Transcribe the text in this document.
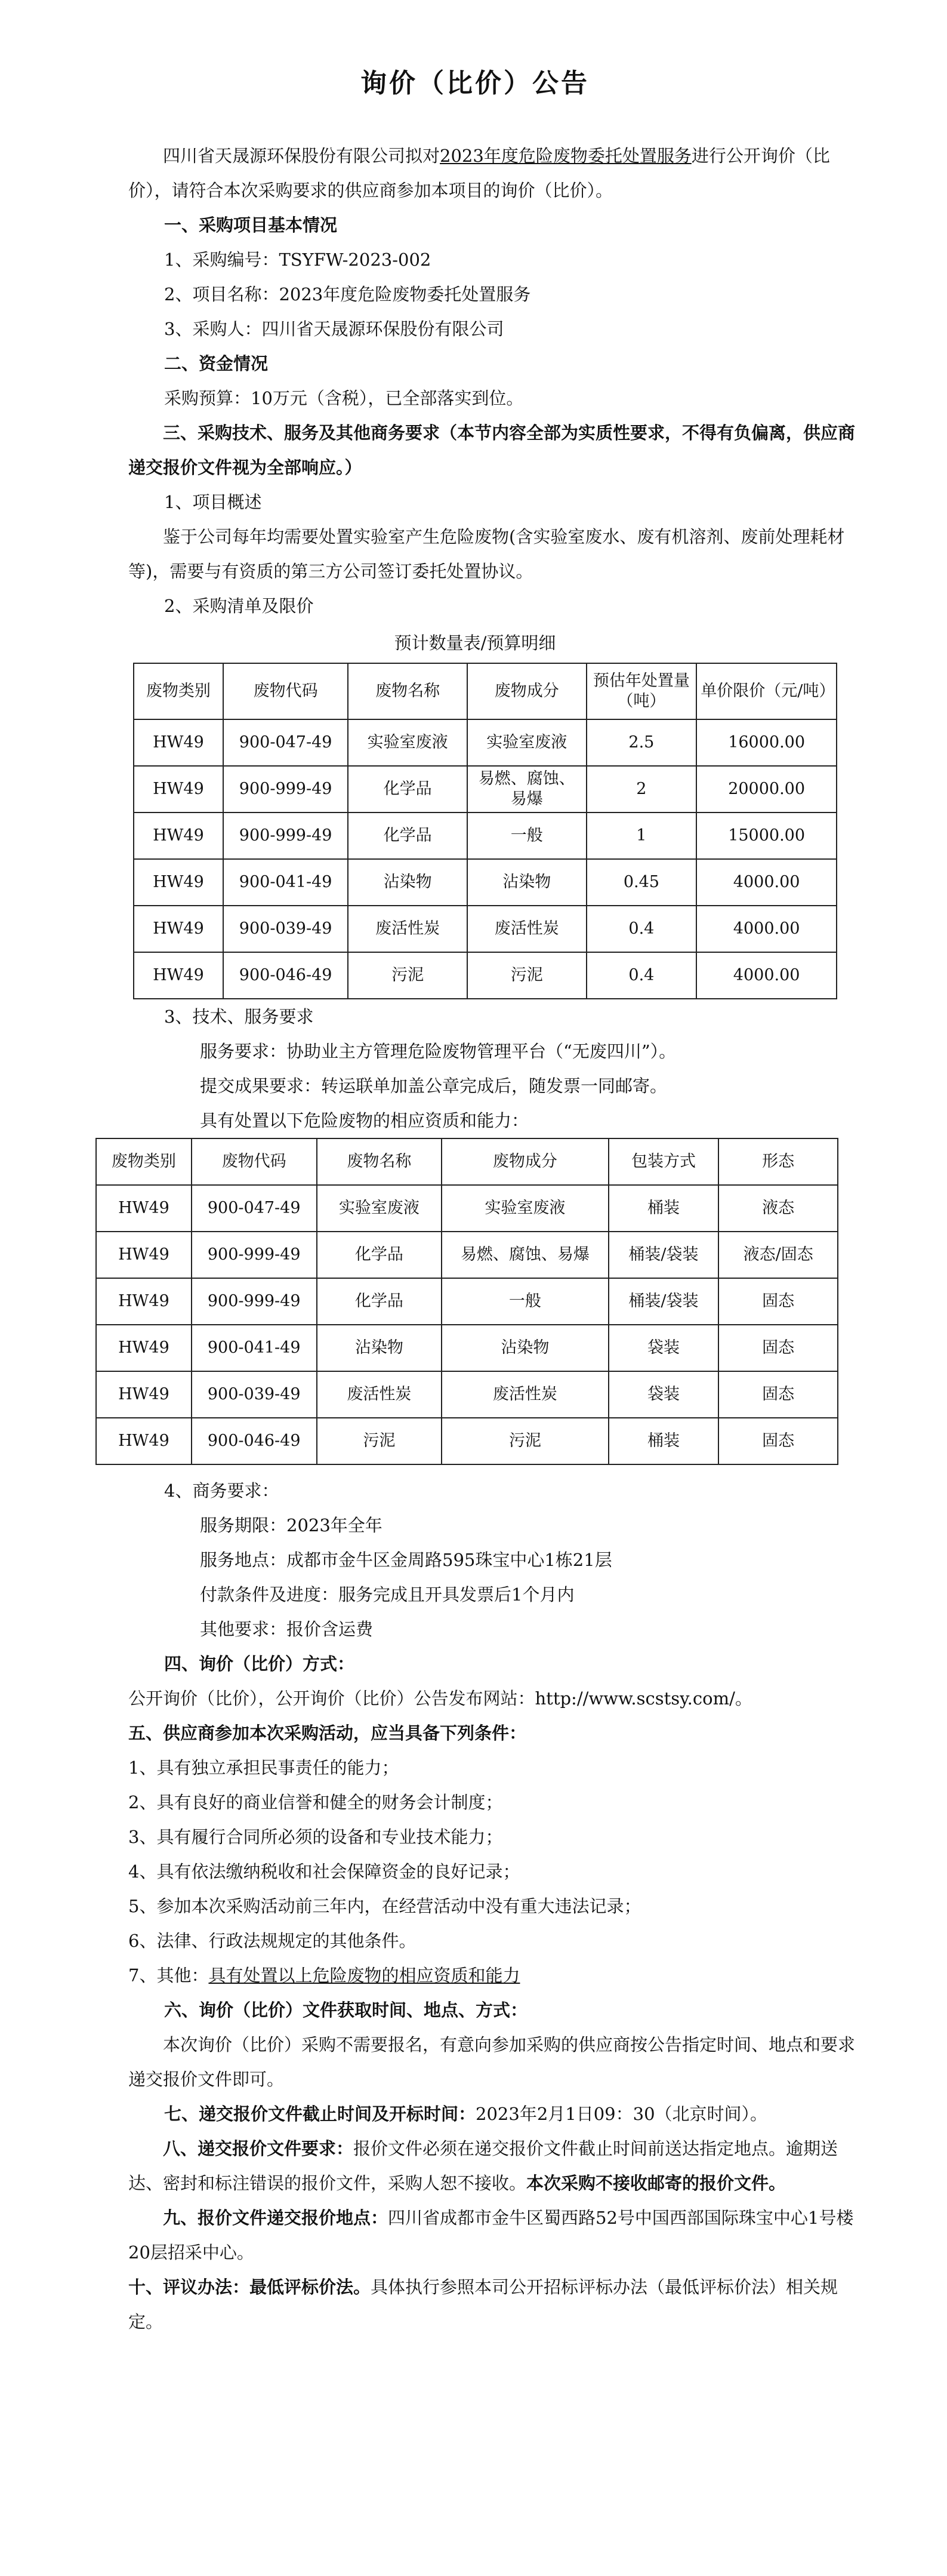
询价（比价）公告

四川省天晟源环保股份有限公司拟对2023年度危险废物委托处置服务进行公开询价（比价），请符合本次采购要求的供应商参加本项目的询价（比价）。

一、采购项目基本情况

1、采购编号：TSYFW-2023-002

2、项目名称：2023年度危险废物委托处置服务

3、采购人：四川省天晟源环保股份有限公司

二、资金情况

采购预算：10万元（含税），已全部落实到位。

三、采购技术、服务及其他商务要求（本节内容全部为实质性要求，不得有负偏离，供应商递交报价文件视为全部响应。）

1、项目概述

鉴于公司每年均需要处置实验室产生危险废物(含实验室废水、废有机溶剂、废前处理耗材等)，需要与有资质的第三方公司签订委托处置协议。

2、采购清单及限价

预计数量表/预算明细

废物类别	废物代码	废物名称	废物成分	预估年处置量（吨）	单价限价（元/吨）
HW49	900-047-49	实验室废液	实验室废液	2.5	16000.00
HW49	900-999-49	化学品	易燃、腐蚀、易爆	2	20000.00
HW49	900-999-49	化学品	一般	1	15000.00
HW49	900-041-49	沾染物	沾染物	0.45	4000.00
HW49	900-039-49	废活性炭	废活性炭	0.4	4000.00
HW49	900-046-49	污泥	污泥	0.4	4000.00

3、技术、服务要求

服务要求：协助业主方管理危险废物管理平台（“无废四川”）。

提交成果要求：转运联单加盖公章完成后，随发票一同邮寄。

具有处置以下危险废物的相应资质和能力：

废物类别	废物代码	废物名称	废物成分	包装方式	形态
HW49	900-047-49	实验室废液	实验室废液	桶装	液态
HW49	900-999-49	化学品	易燃、腐蚀、易爆	桶装/袋装	液态/固态
HW49	900-999-49	化学品	一般	桶装/袋装	固态
HW49	900-041-49	沾染物	沾染物	袋装	固态
HW49	900-039-49	废活性炭	废活性炭	袋装	固态
HW49	900-046-49	污泥	污泥	桶装	固态

4、商务要求：

服务期限：2023年全年

服务地点：成都市金牛区金周路595珠宝中心1栋21层

付款条件及进度：服务完成且开具发票后1个月内

其他要求：报价含运费

四、询价（比价）方式：

公开询价（比价），公开询价（比价）公告发布网站：http://www.scstsy.com/。

五、供应商参加本次采购活动，应当具备下列条件：

1、具有独立承担民事责任的能力；

2、具有良好的商业信誉和健全的财务会计制度；

3、具有履行合同所必须的设备和专业技术能力；

4、具有依法缴纳税收和社会保障资金的良好记录；

5、参加本次采购活动前三年内，在经营活动中没有重大违法记录；

6、法律、行政法规规定的其他条件。

7、其他：具有处置以上危险废物的相应资质和能力

六、询价（比价）文件获取时间、地点、方式：

本次询价（比价）采购不需要报名，有意向参加采购的供应商按公告指定时间、地点和要求递交报价文件即可。

七、递交报价文件截止时间及开标时间：2023年2月1日09：30（北京时间）。

八、递交报价文件要求：报价文件必须在递交报价文件截止时间前送达指定地点。逾期送达、密封和标注错误的报价文件，采购人恕不接收。本次采购不接收邮寄的报价文件。

九、报价文件递交报价地点：四川省成都市金牛区蜀西路52号中国西部国际珠宝中心1号楼20层招采中心。

十、评议办法：最低评标价法。具体执行参照本司公开招标评标办法（最低评标价法）相关规定。
